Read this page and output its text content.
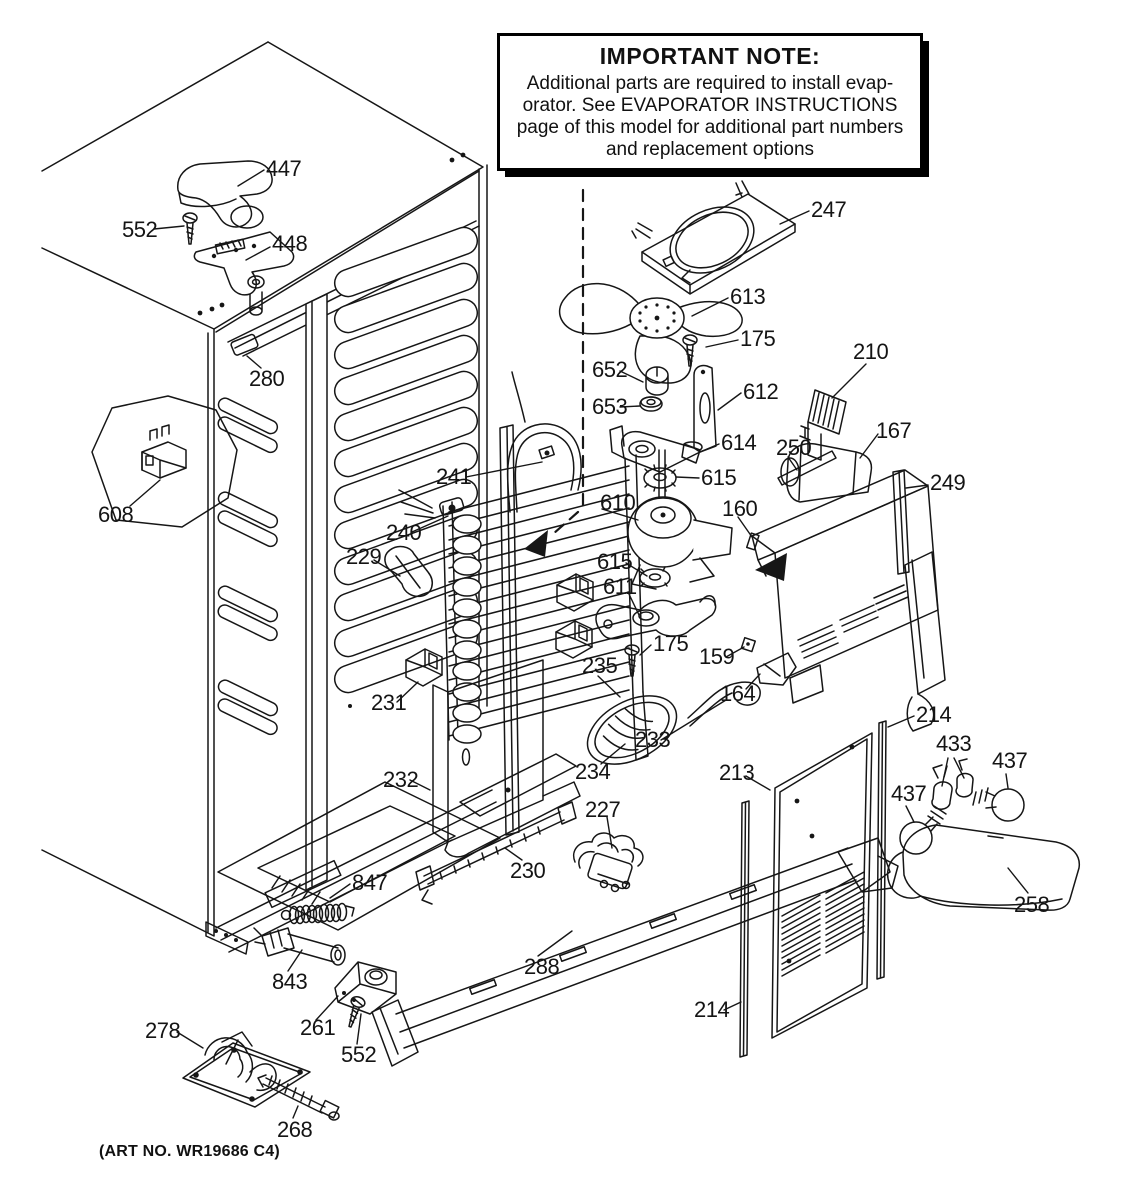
IMPORTANT NOTE:
Additional parts are required to install evap-
orator. See EVAPORATOR INSTRUCTIONS
page of this model for additional part numbers
and replacement options
447
552
448
280
608
241
240
229
231
232
247
613
175
652
653
612
614
615
610
615
611
175
210
167
250
249
160
159
164
235
233
234
227
230
288
847
843
261
552
278
268
213
214
214
433
437
437
258
(ART NO. WR19686 C4)
